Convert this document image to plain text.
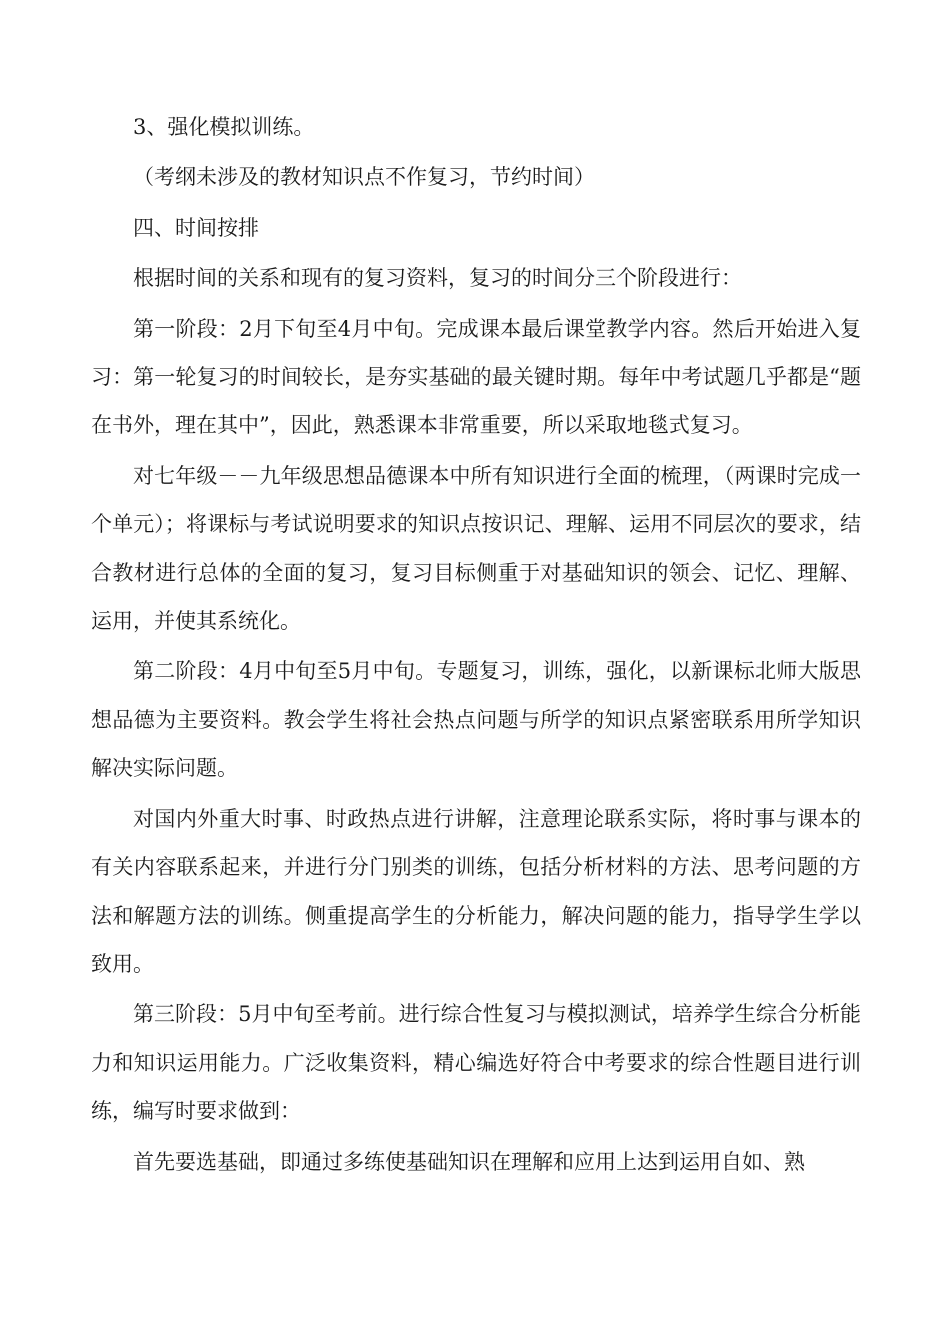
3、强化模拟训练。

（考纲未涉及的教材知识点不作复习，节约时间）

四、时间按排

根据时间的关系和现有的复习资料，复习的时间分三个阶段进行：

第一阶段：2月下旬至4月中旬。完成课本最后课堂教学内容。然后开始进入复习：第一轮复习的时间较长，是夯实基础的最关键时期。每年中考试题几乎都是“题在书外，理在其中”，因此，熟悉课本非常重要，所以采取地毯式复习。

对七年级－－九年级思想品德课本中所有知识进行全面的梳理，（两课时完成一个单元）；将课标与考试说明要求的知识点按识记、理解、运用不同层次的要求，结合教材进行总体的全面的复习，复习目标侧重于对基础知识的领会、记忆、理解、运用，并使其系统化。

第二阶段：4月中旬至5月中旬。专题复习，训练，强化，以新课标北师大版思想品德为主要资料。教会学生将社会热点问题与所学的知识点紧密联系用所学知识解决实际问题。

对国内外重大时事、时政热点进行讲解，注意理论联系实际，将时事与课本的有关内容联系起来，并进行分门别类的训练，包括分析材料的方法、思考问题的方法和解题方法的训练。侧重提高学生的分析能力，解决问题的能力，指导学生学以致用。

第三阶段：5月中旬至考前。进行综合性复习与模拟测试，培养学生综合分析能力和知识运用能力。广泛收集资料，精心编选好符合中考要求的综合性题目进行训练，编写时要求做到：

首先要选基础，即通过多练使基础知识在理解和应用上达到运用自如、熟
